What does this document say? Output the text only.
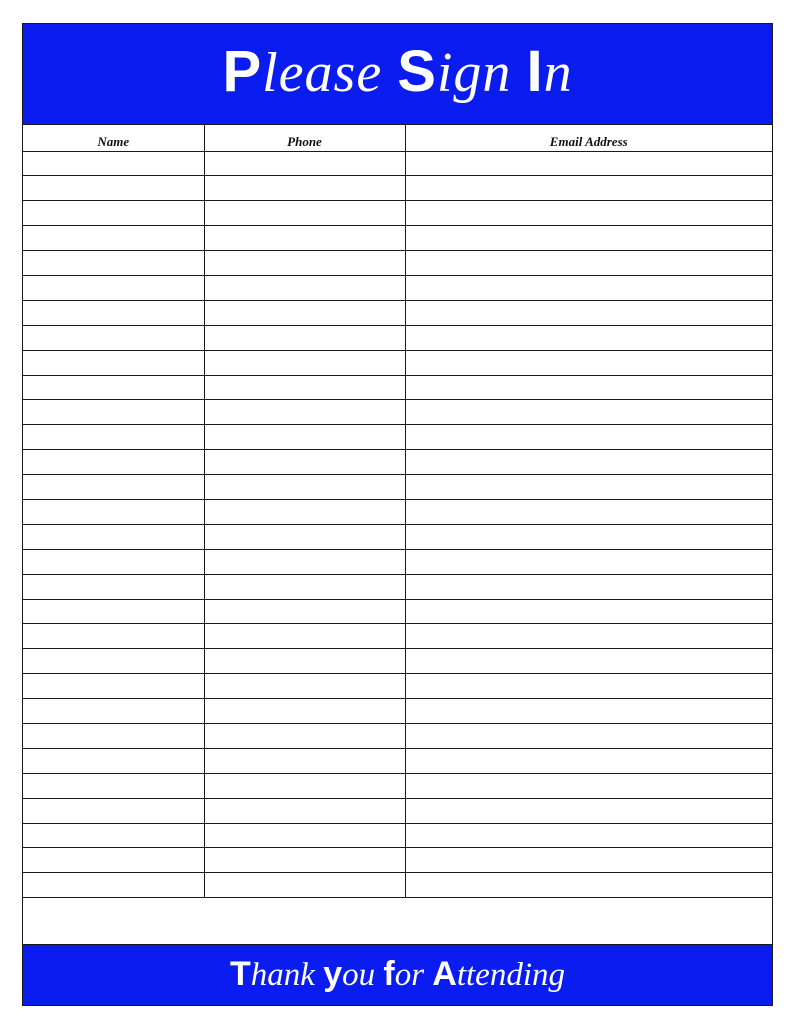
Please Sign In
Name	Phone	Email Address

Thank you for Attending
